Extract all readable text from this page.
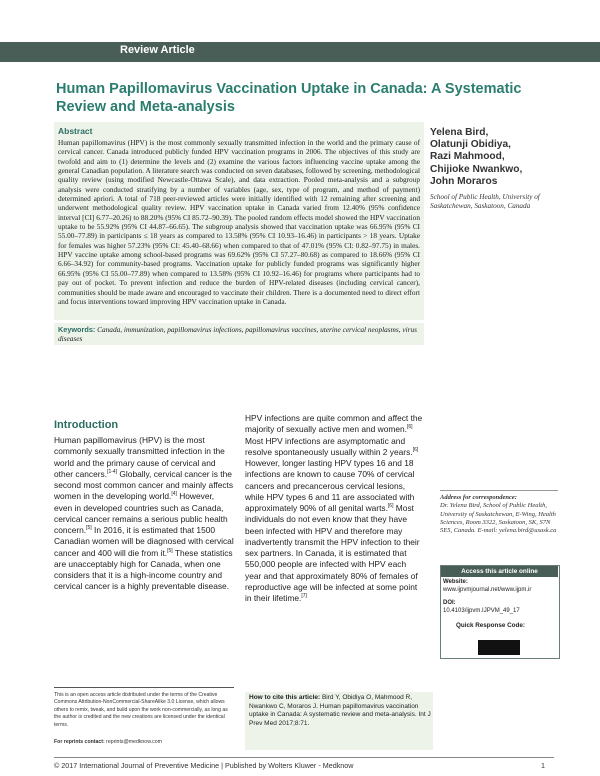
Review Article
Human Papillomavirus Vaccination Uptake in Canada: A Systematic Review and Meta-analysis
Abstract
Human papillomavirus (HPV) is the most commonly sexually transmitted infection in the world and the primary cause of cervical cancer. Canada introduced publicly funded HPV vaccination programs in 2006. The objectives of this study are twofold and aim to (1) determine the levels and (2) examine the various factors influencing vaccine uptake among the general Canadian population. A literature search was conducted on seven databases, followed by screening, methodological quality review (using modified Newcastle-Ottawa Scale), and data extraction. Pooled meta-analysis and a subgroup analysis were conducted stratifying by a number of variables (age, sex, type of program, and method of payment) determined apriori. A total of 718 peer-reviewed articles were initially identified with 12 remaining after screening and underwent methodological quality review. HPV vaccination uptake in Canada varied from 12.40% (95% confidence interval [CI] 6.77–20.26) to 88.20% (95% CI 85.72–90.39). The pooled random effects model showed the HPV vaccination uptake to be 55.92% (95% CI 44.87–66.65). The subgroup analysis showed that vaccination uptake was 66.95% (95% CI 55.00–77.89) in participants ≤ 18 years as compared to 13.58% (95% CI 10.93–16.46) in participants > 18 years. Uptake for females was higher 57.23% (95% CI: 45.40–68.66) when compared to that of 47.01% (95% CI: 0.82–97.75) in males. HPV vaccine uptake among school-based programs was 69.62% (95% CI 57.27–80.68) as compared to 18.66% (95% CI 6.66–34.92) for community-based programs. Vaccination uptake for publicly funded programs was significantly higher 66.95% (95% CI 55.00–77.89) when compared to 13.58% (95% CI 10.92–16.46) for programs where participants had to pay out of pocket. To prevent infection and reduce the burden of HPV-related diseases (including cervical cancer), communities should be made aware and encouraged to vaccinate their children. There is a documented need to direct effort and focus interventions toward improving HPV vaccination uptake in Canada.
Keywords: Canada, immunization, papillomavirus infections, papillomavirus vaccines, uterine cervical neoplasms, virus diseases
Yelena Bird,
Olatunji Obidiya,
Razi Mahmood,
Chijioke Nwankwo,
John Moraros
School of Public Health, University of Saskatchewan, Saskatoon, Canada
Introduction
Human papillomavirus (HPV) is the most commonly sexually transmitted infection in the world and the primary cause of cervical and other cancers.[1-4] Globally, cervical cancer is the second most common cancer and mainly affects women in the developing world.[4] However, even in developed countries such as Canada, cervical cancer remains a serious public health concern.[5] In 2016, it is estimated that 1500 Canadian women will be diagnosed with cervical cancer and 400 will die from it.[5] These statistics are unacceptably high for Canada, when one considers that it is a high-income country and cervical cancer is a highly preventable disease.
HPV infections are quite common and affect the majority of sexually active men and women.[6] Most HPV infections are asymptomatic and resolve spontaneously usually within 2 years.[6] However, longer lasting HPV types 16 and 18 infections are known to cause 70% of cervical cancers and precancerous cervical lesions, while HPV types 6 and 11 are associated with approximately 90% of all genital warts.[6] Most individuals do not even know that they have been infected with HPV and therefore may inadvertently transmit the HPV infection to their sex partners. In Canada, it is estimated that 550,000 people are infected with HPV each year and that approximately 80% of females of reproductive age will be infected at some point in their lifetime.[7]
Address for correspondence:
Dr. Yelena Bird, School of Public Health, University of Saskatchewan, E-Wing, Health Sciences, Room 3322, Saskatoon, SK, S7N 5E5, Canada. E-mail: yelena.bird@usask.ca
Access this article online
Website:
www.ijpvmjournal.net/www.ijpm.ir
DOI:
10.4103/ijpvm.IJPVM_49_17
Quick Response Code:
This is an open access article distributed under the terms of the Creative Commons Attribution-NonCommercial-ShareAlike 3.0 License, which allows others to remix, tweak, and build upon the work non-commercially, as long as the author is credited and the new creations are licensed under the identical terms.
For reprints contact: reprints@medknow.com
How to cite this article: Bird Y, Obidiya O, Mahmood R, Nwankwo C, Moraros J. Human papillomavirus vaccination uptake in Canada: A systematic review and meta-analysis. Int J Prev Med 2017;8:71.
© 2017 International Journal of Preventive Medicine | Published by Wolters Kluwer - Medknow	1
